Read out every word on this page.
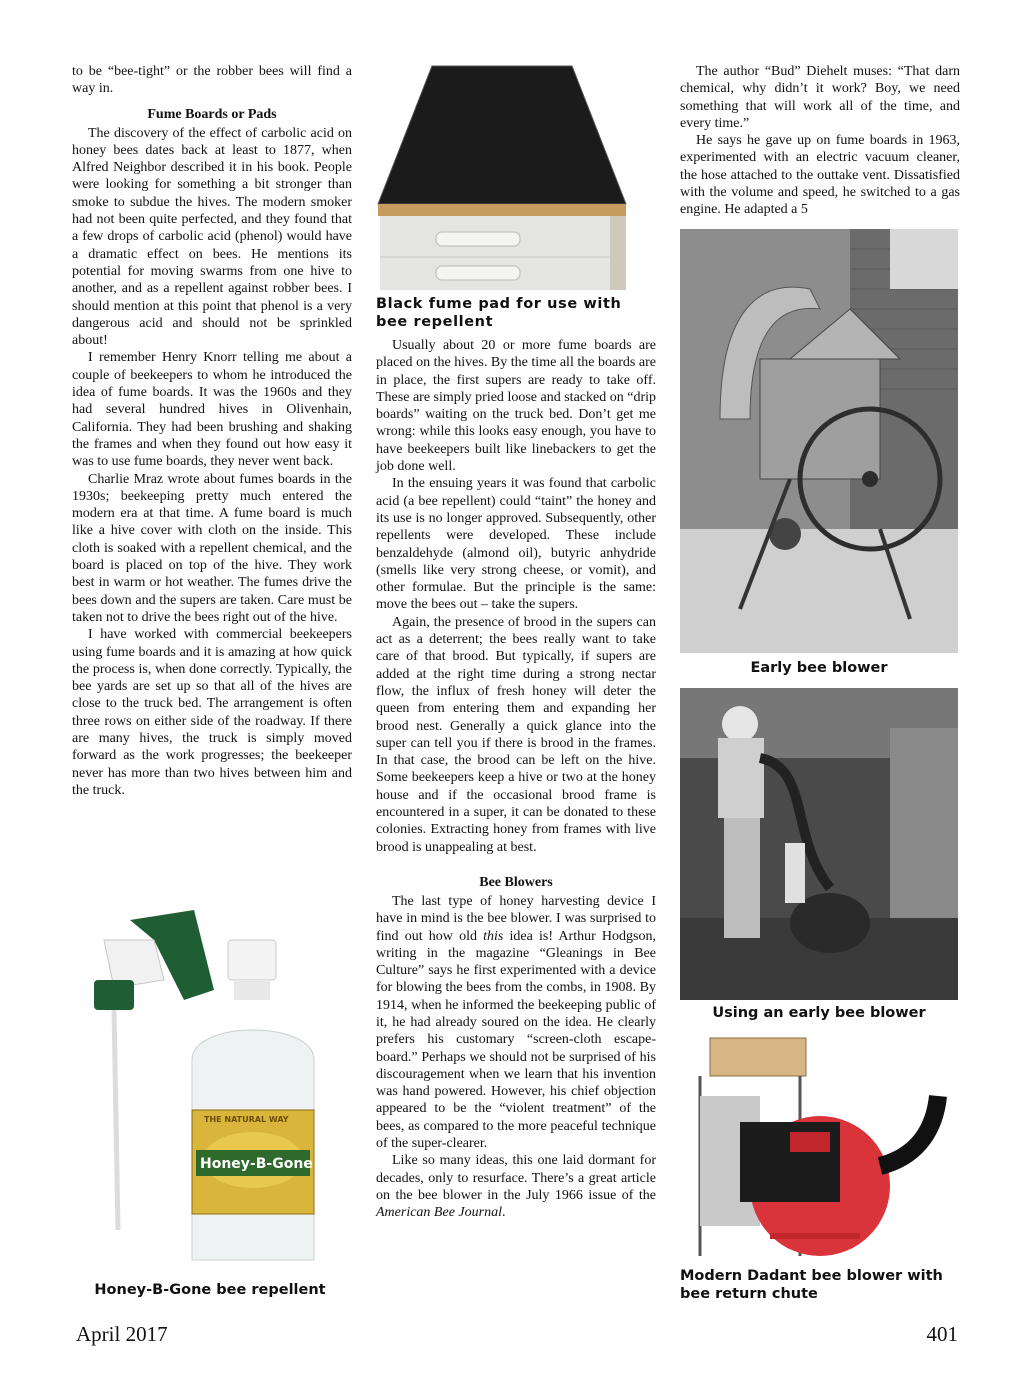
to be “bee-tight” or the robber bees will find a way in.

Fume Boards or Pads

The discovery of the effect of carbolic acid on honey bees dates back at least to 1877, when Alfred Neighbor described it in his book. People were looking for something a bit stronger than smoke to subdue the hives. The modern smoker had not been quite perfected, and they found that a few drops of carbolic acid (phenol) would have a dramatic effect on bees. He mentions its potential for moving swarms from one hive to another, and as a repellent against robber bees. I should mention at this point that phenol is a very dangerous acid and should not be sprinkled about!

I remember Henry Knorr telling me about a couple of beekeepers to whom he introduced the idea of fume boards. It was the 1960s and they had several hundred hives in Olivenhain, California. They had been brushing and shaking the frames and when they found out how easy it was to use fume boards, they never went back.

Charlie Mraz wrote about fumes boards in the 1930s; beekeeping pretty much entered the modern era at that time. A fume board is much like a hive cover with cloth on the inside. This cloth is soaked with a repellent chemical, and the board is placed on top of the hive. They work best in warm or hot weather. The fumes drive the bees down and the supers are taken. Care must be taken not to drive the bees right out of the hive.

I have worked with commercial beekeepers using fume boards and it is amazing at how quick the process is, when done correctly. Typically, the bee yards are set up so that all of the hives are close to the truck bed. The arrangement is often three rows on either side of the roadway. If there are many hives, the truck is simply moved forward as the work progresses; the beekeeper never has more than two hives between him and the truck.

Black fume pad for use with bee repellent

Usually about 20 or more fume boards are placed on the hives. By the time all the boards are in place, the first supers are ready to take off. These are simply pried loose and stacked on “drip boards” waiting on the truck bed. Don’t get me wrong: while this looks easy enough, you have to have beekeepers built like linebackers to get the job done well.

In the ensuing years it was found that carbolic acid (a bee repellent) could “taint” the honey and its use is no longer approved. Subsequently, other repellents were developed. These include benzaldehyde (almond oil), butyric anhydride (smells like very strong cheese, or vomit), and other formulae. But the principle is the same: move the bees out – take the supers.

Again, the presence of brood in the supers can act as a deterrent; the bees really want to take care of that brood. But typically, if supers are added at the right time during a strong nectar flow, the influx of fresh honey will deter the queen from entering them and expanding her brood nest. Generally a quick glance into the super can tell you if there is brood in the frames. In that case, the brood can be left on the hive. Some beekeepers keep a hive or two at the honey house and if the occasional brood frame is encountered in a super, it can be donated to these colonies. Extracting honey from frames with live brood is unappealing at best.

Bee Blowers

The last type of honey harvesting device I have in mind is the bee blower. I was surprised to find out how old this idea is! Arthur Hodgson, writing in the magazine “Gleanings in Bee Culture” says he first experimented with a device for blowing the bees from the combs, in 1908. By 1914, when he informed the beekeeping public of it, he had already soured on the idea. He clearly prefers his customary “screen-cloth escape-board.” Perhaps we should not be surprised of his discouragement when we learn that his invention was hand powered. However, his chief objection appeared to be the “violent treatment” of the bees, as compared to the more peaceful technique of the super-clearer.

Like so many ideas, this one laid dormant for decades, only to resurface. There’s a great article on the bee blower in the July 1966 issue of the American Bee Journal.

The author “Bud” Diehelt muses: “That darn chemical, why didn’t it work? Boy, we need something that will work all of the time, and every time.”

He says he gave up on fume boards in 1963, experimented with an electric vacuum cleaner, the hose attached to the outtake vent. Dissatisfied with the volume and speed, he switched to a gas engine. He adapted a 5

Early bee blower
Using an early bee blower
Modern Dadant bee blower with bee return chute
THE NATURAL WAY
Honey-B-Gone
Honey-B-Gone bee repellent
April 2017	401
